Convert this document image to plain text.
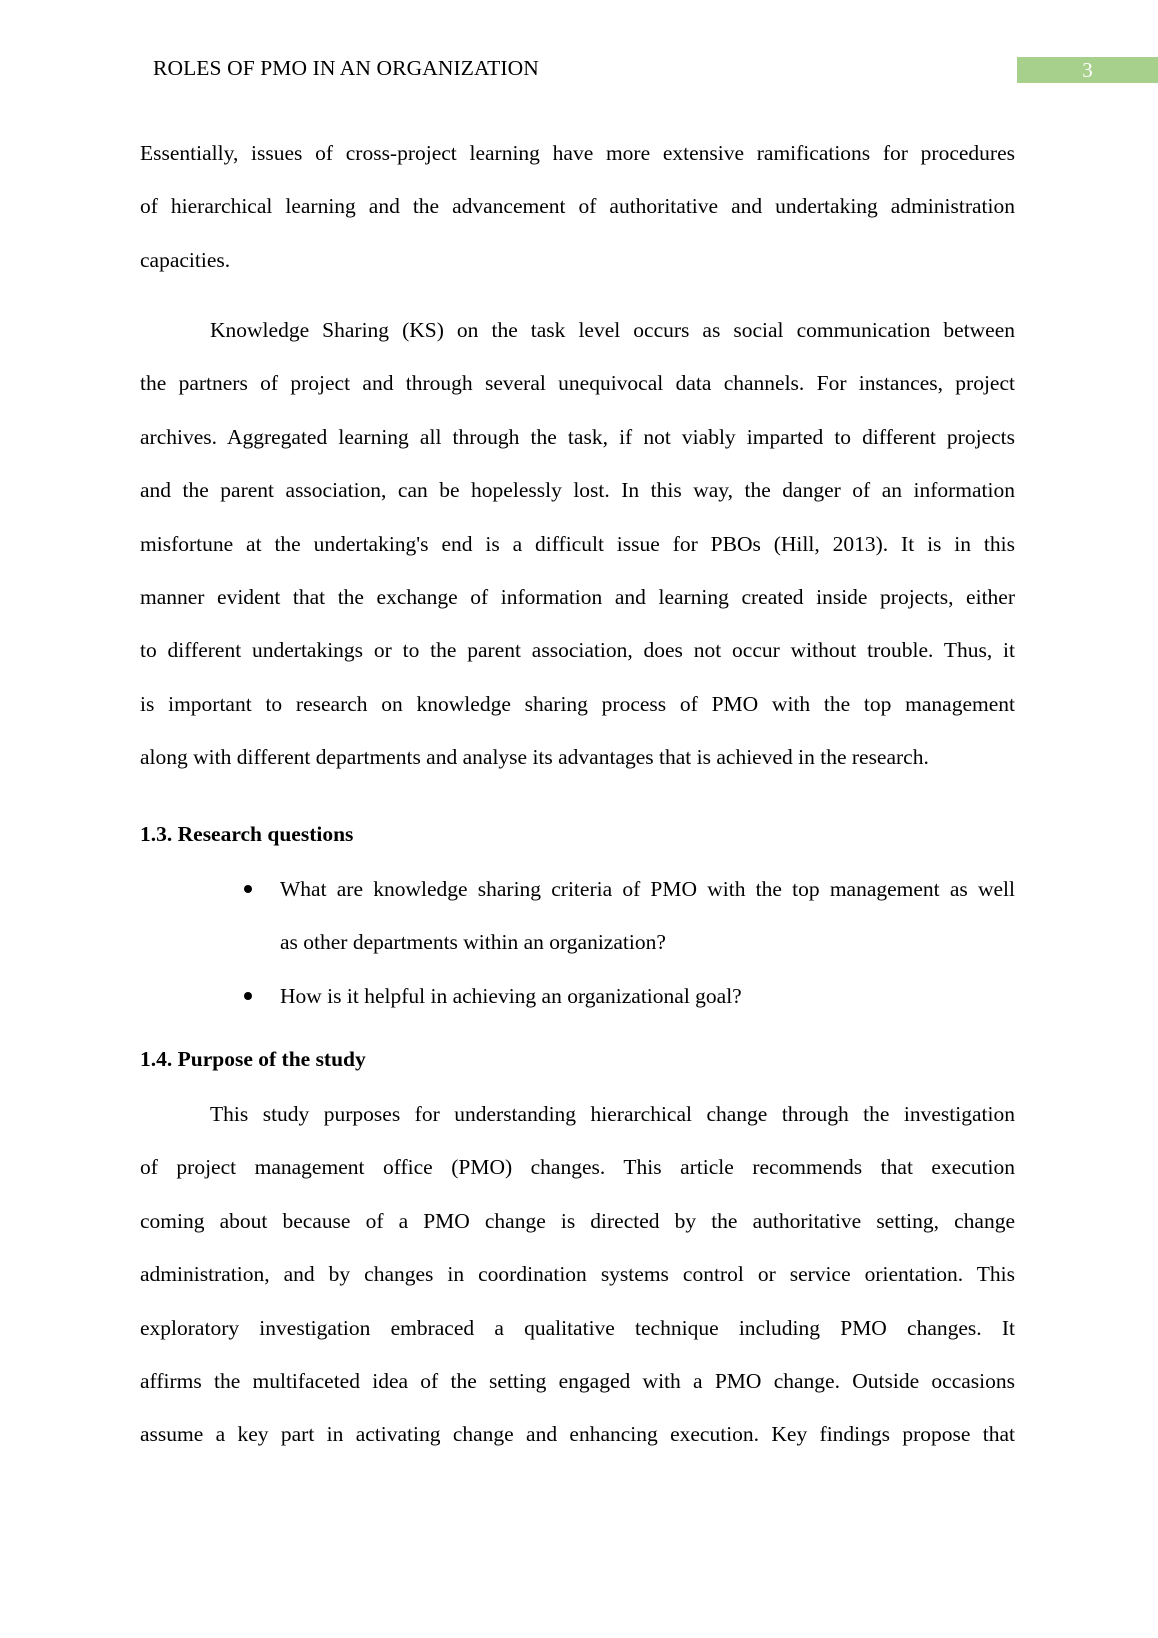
ROLES OF PMO IN AN ORGANIZATION	3
Essentially, issues of cross-project learning have more extensive ramifications for procedures
of hierarchical learning and the advancement of authoritative and undertaking administration
capacities.
Knowledge Sharing (KS) on the task level occurs as social communication between
the partners of project and through several unequivocal data channels. For instances, project
archives. Aggregated learning all through the task, if not viably imparted to different projects
and the parent association, can be hopelessly lost. In this way, the danger of an information
misfortune at the undertaking's end is a difficult issue for PBOs (Hill, 2013). It is in this
manner evident that the exchange of information and learning created inside projects, either
to different undertakings or to the parent association, does not occur without trouble. Thus, it
is important to research on knowledge sharing process of PMO with the top management
along with different departments and analyse its advantages that is achieved in the research.
1.3. Research questions
What are knowledge sharing criteria of PMO with the top management as well
as other departments within an organization?
How is it helpful in achieving an organizational goal?
1.4. Purpose of the study
This study purposes for understanding hierarchical change through the investigation
of project management office (PMO) changes. This article recommends that execution
coming about because of a PMO change is directed by the authoritative setting, change
administration, and by changes in coordination systems control or service orientation. This
exploratory investigation embraced a qualitative technique including PMO changes. It
affirms the multifaceted idea of the setting engaged with a PMO change. Outside occasions
assume a key part in activating change and enhancing execution. Key findings propose that
